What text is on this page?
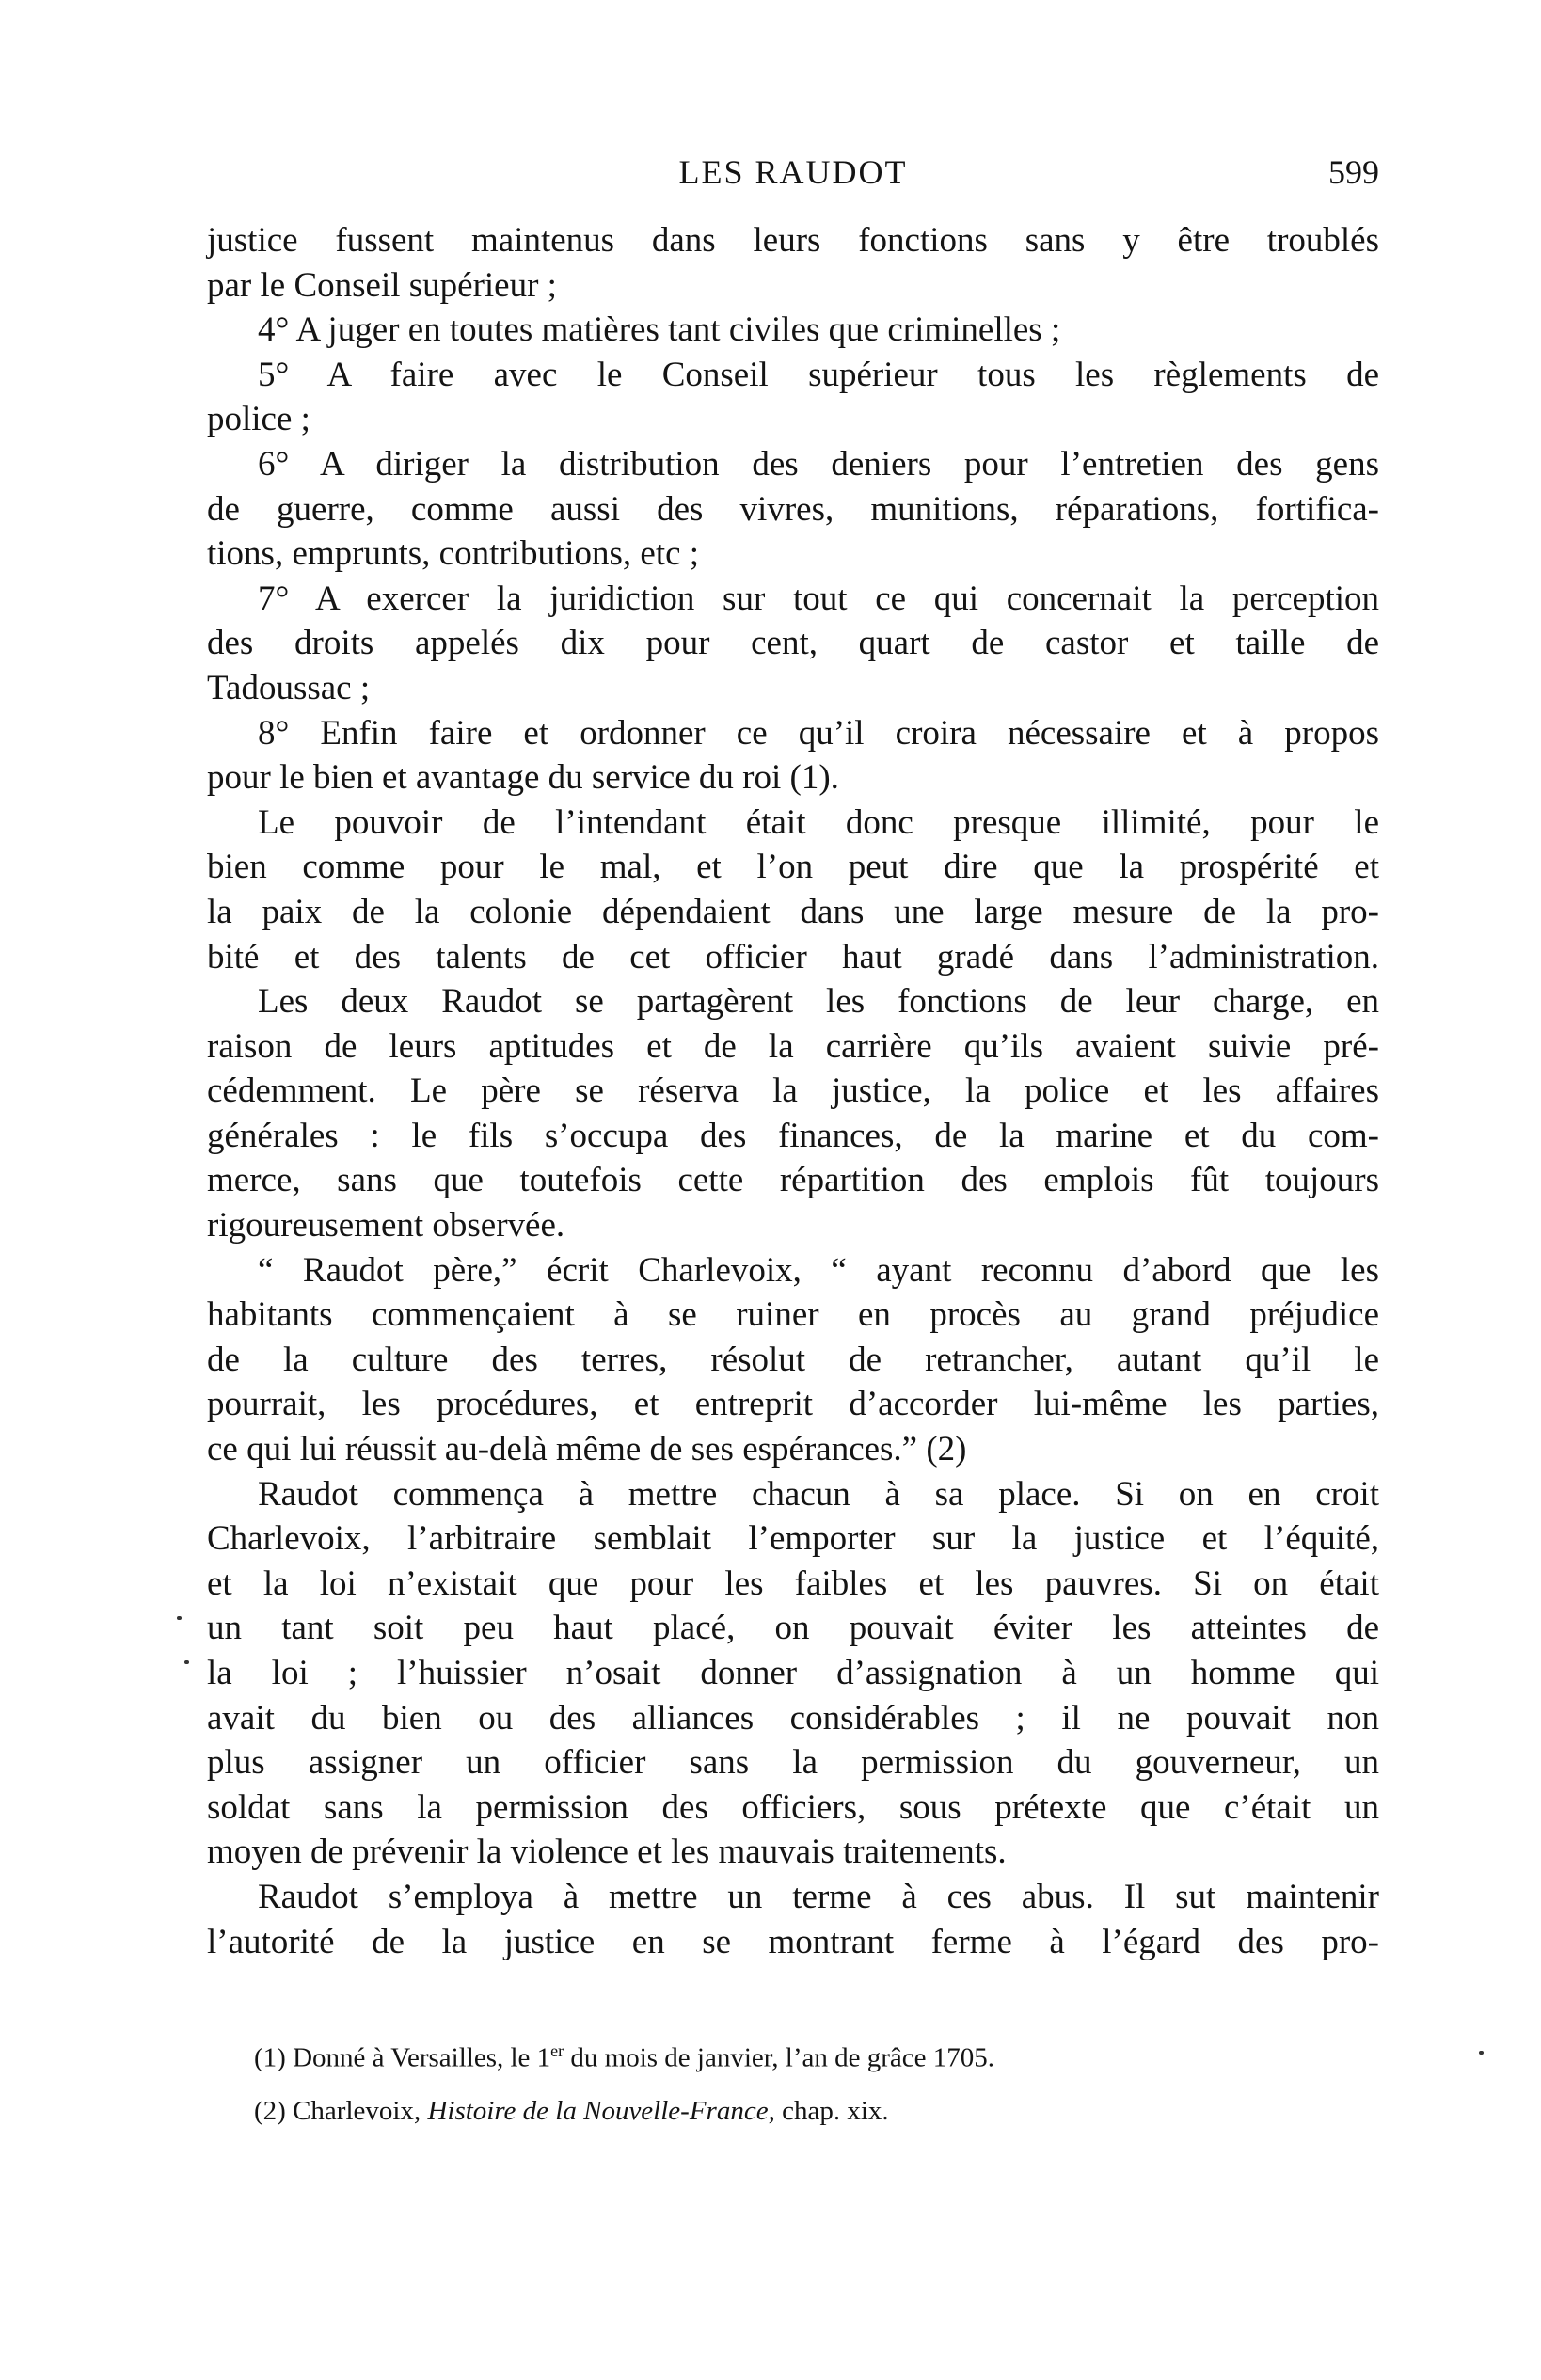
LES RAUDOT	599
justice fussent maintenus dans leurs fonctions sans y être troublés
par le Conseil supérieur ;
4° A juger en toutes matières tant civiles que criminelles ;
5° A faire avec le Conseil supérieur tous les règlements de
police ;
6° A diriger la distribution des deniers pour l’entretien des gens
de guerre, comme aussi des vivres, munitions, réparations, fortifica-
tions, emprunts, contributions, etc ;
7° A exercer la juridiction sur tout ce qui concernait la perception
des droits appelés dix pour cent, quart de castor et taille de
Tadoussac ;
8° Enfin faire et ordonner ce qu’il croira nécessaire et à propos
pour le bien et avantage du service du roi (1).
Le pouvoir de l’intendant était donc presque illimité, pour le
bien comme pour le mal, et l’on peut dire que la prospérité et
la paix de la colonie dépendaient dans une large mesure de la pro-
bité et des talents de cet officier haut gradé dans l’administration.
Les deux Raudot se partagèrent les fonctions de leur charge, en
raison de leurs aptitudes et de la carrière qu’ils avaient suivie pré-
cédemment. Le père se réserva la justice, la police et les affaires
générales : le fils s’occupa des finances, de la marine et du com-
merce, sans que toutefois cette répartition des emplois fût toujours
rigoureusement observée.
“ Raudot père,” écrit Charlevoix, “ ayant reconnu d’abord que les
habitants commençaient à se ruiner en procès au grand préjudice
de la culture des terres, résolut de retrancher, autant qu’il le
pourrait, les procédures, et entreprit d’accorder lui-même les parties,
ce qui lui réussit au-delà même de ses espérances.” (2)
Raudot commença à mettre chacun à sa place. Si on en croit
Charlevoix, l’arbitraire semblait l’emporter sur la justice et l’équité,
et la loi n’existait que pour les faibles et les pauvres. Si on était
un tant soit peu haut placé, on pouvait éviter les atteintes de
la loi ; l’huissier n’osait donner d’assignation à un homme qui
avait du bien ou des alliances considérables ; il ne pouvait non
plus assigner un officier sans la permission du gouverneur, un
soldat sans la permission des officiers, sous prétexte que c’était un
moyen de prévenir la violence et les mauvais traitements.
Raudot s’employa à mettre un terme à ces abus. Il sut maintenir
l’autorité de la justice en se montrant ferme à l’égard des pro-
(1) Donné à Versailles, le 1er du mois de janvier, l’an de grâce 1705.
(2) Charlevoix, Histoire de la Nouvelle-France, chap. xix.
